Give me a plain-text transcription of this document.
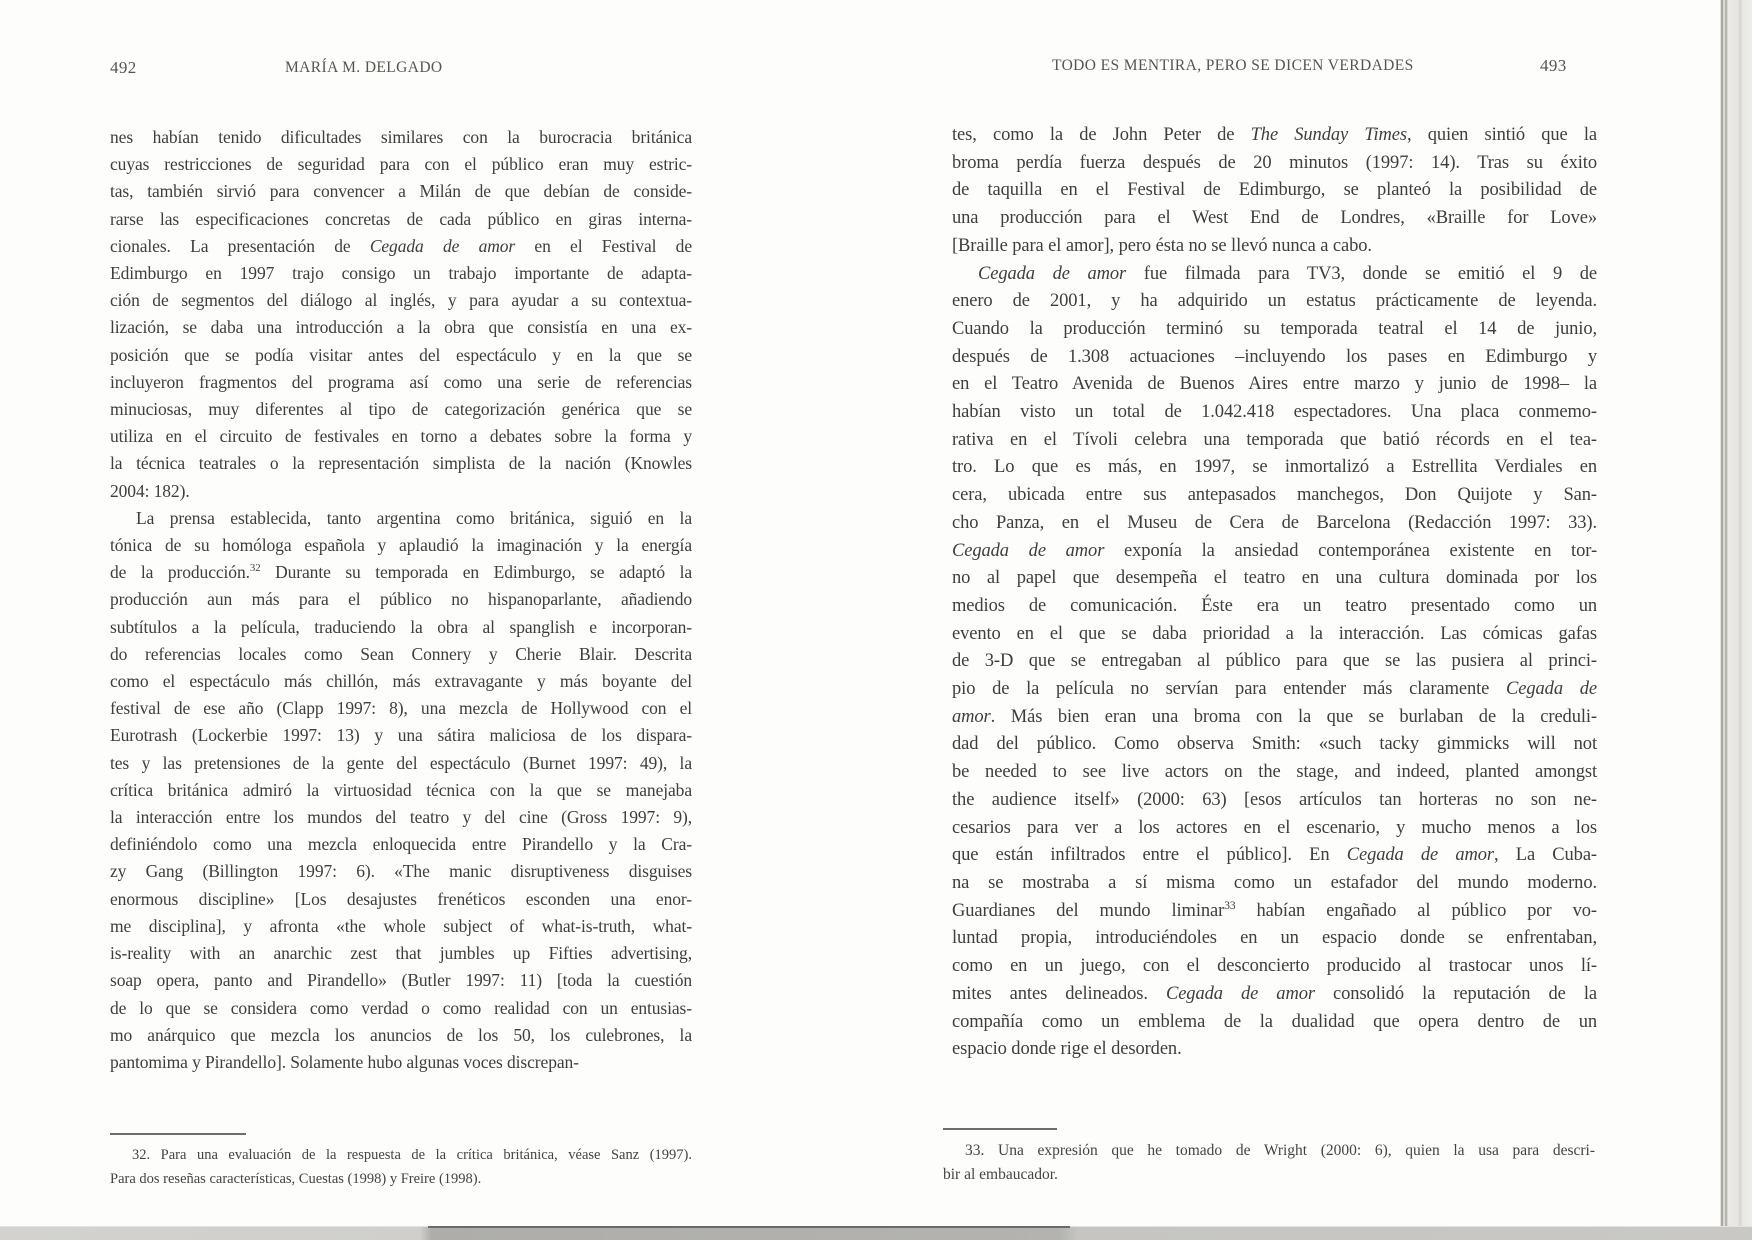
492	MARÍA M. DELGADO	TODO ES MENTIRA, PERO SE DICEN VERDADES	493
nes habían tenido dificultades similares con la burocracia británica
cuyas restricciones de seguridad para con el público eran muy estric-
tas, también sirvió para convencer a Milán de que debían de conside-
rarse las especificaciones concretas de cada público en giras interna-
cionales. La presentación de Cegada de amor en el Festival de
Edimburgo en 1997 trajo consigo un trabajo importante de adapta-
ción de segmentos del diálogo al inglés, y para ayudar a su contextua-
lización, se daba una introducción a la obra que consistía en una ex-
posición que se podía visitar antes del espectáculo y en la que se
incluyeron fragmentos del programa así como una serie de referencias
minuciosas, muy diferentes al tipo de categorización genérica que se
utiliza en el circuito de festivales en torno a debates sobre la forma y
la técnica teatrales o la representación simplista de la nación (Knowles
2004: 182).
La prensa establecida, tanto argentina como británica, siguió en la
tónica de su homóloga española y aplaudió la imaginación y la energía
de la producción.$^{32}$ Durante su temporada en Edimburgo, se adaptó la
producción aun más para el público no hispanoparlante, añadiendo
subtítulos a la película, traduciendo la obra al spanglish e incorporan-
do referencias locales como Sean Connery y Cherie Blair. Descrita
como el espectáculo más chillón, más extravagante y más boyante del
festival de ese año (Clapp 1997: 8), una mezcla de Hollywood con el
Eurotrash (Lockerbie 1997: 13) y una sátira maliciosa de los dispara-
tes y las pretensiones de la gente del espectáculo (Burnet 1997: 49), la
crítica británica admiró la virtuosidad técnica con la que se manejaba
la interacción entre los mundos del teatro y del cine (Gross 1997: 9),
definiéndolo como una mezcla enloquecida entre Pirandello y la Cra-
zy Gang (Billington 1997: 6). «The manic disruptiveness disguises
enormous discipline» [Los desajustes frenéticos esconden una enor-
me disciplina], y afronta «the whole subject of what-is-truth, what-
is-reality with an anarchic zest that jumbles up Fifties advertising,
soap opera, panto and Pirandello» (Butler 1997: 11) [toda la cuestión
de lo que se considera como verdad o como realidad con un entusias-
mo anárquico que mezcla los anuncios de los 50, los culebrones, la
pantomima y Pirandello]. Solamente hubo algunas voces discrepan-
tes, como la de John Peter de The Sunday Times, quien sintió que la
broma perdía fuerza después de 20 minutos (1997: 14). Tras su éxito
de taquilla en el Festival de Edimburgo, se planteó la posibilidad de
una producción para el West End de Londres, «Braille for Love»
[Braille para el amor], pero ésta no se llevó nunca a cabo.
Cegada de amor fue filmada para TV3, donde se emitió el 9 de
enero de 2001, y ha adquirido un estatus prácticamente de leyenda.
Cuando la producción terminó su temporada teatral el 14 de junio,
después de 1.308 actuaciones –incluyendo los pases en Edimburgo y
en el Teatro Avenida de Buenos Aires entre marzo y junio de 1998– la
habían visto un total de 1.042.418 espectadores. Una placa conmemo-
rativa en el Tívoli celebra una temporada que batió récords en el tea-
tro. Lo que es más, en 1997, se inmortalizó a Estrellita Verdiales en
cera, ubicada entre sus antepasados manchegos, Don Quijote y San-
cho Panza, en el Museu de Cera de Barcelona (Redacción 1997: 33).
Cegada de amor exponía la ansiedad contemporánea existente en tor-
no al papel que desempeña el teatro en una cultura dominada por los
medios de comunicación. Éste era un teatro presentado como un
evento en el que se daba prioridad a la interacción. Las cómicas gafas
de 3-D que se entregaban al público para que se las pusiera al princi-
pio de la película no servían para entender más claramente Cegada de
amor. Más bien eran una broma con la que se burlaban de la creduli-
dad del público. Como observa Smith: «such tacky gimmicks will not
be needed to see live actors on the stage, and indeed, planted amongst
the audience itself» (2000: 63) [esos artículos tan horteras no son ne-
cesarios para ver a los actores en el escenario, y mucho menos a los
que están infiltrados entre el público]. En Cegada de amor, La Cuba-
na se mostraba a sí misma como un estafador del mundo moderno.
Guardianes del mundo liminar$^{33}$ habían engañado al público por vo-
luntad propia, introduciéndoles en un espacio donde se enfrentaban,
como en un juego, con el desconcierto producido al trastocar unos lí-
mites antes delineados. Cegada de amor consolidó la reputación de la
compañía como un emblema de la dualidad que opera dentro de un
espacio donde rige el desorden.
32. Para una evaluación de la respuesta de la crítica británica, véase Sanz (1997).
Para dos reseñas características, Cuestas (1998) y Freire (1998).
33. Una expresión que he tomado de Wright (2000: 6), quien la usa para descri-
bir al embaucador.
